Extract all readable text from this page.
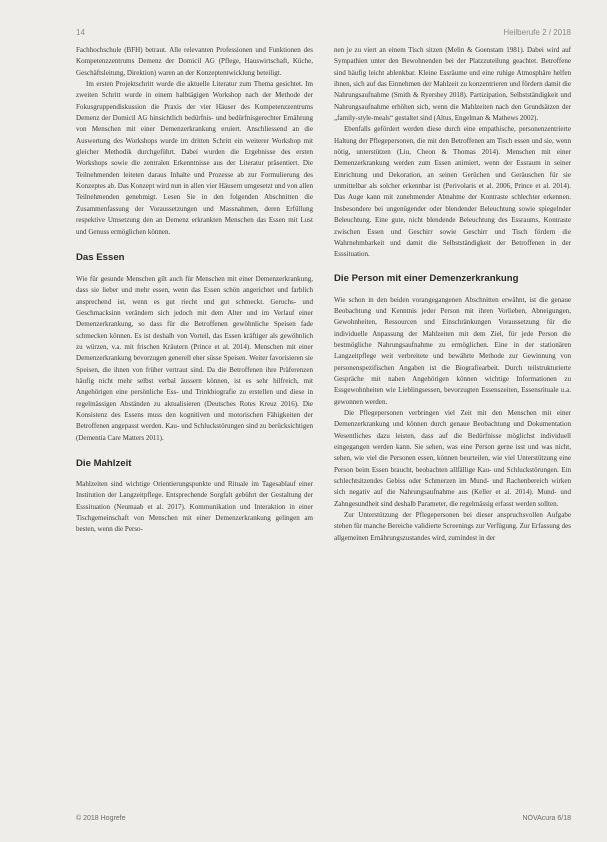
14	Heilberufe 2 / 2018

Fachhochschule (BFH) betraut. Alle relevanten Professionen und Funktionen des Kompetenzzentrums Demenz der Domicil AG (Pflege, Hauswirtschaft, Küche, Geschäftsleitung, Direktion) waren an der Konzeptentwicklung beteiligt.

Im ersten Projektschritt wurde die aktuelle Literatur zum Thema gesichtet. Im zweiten Schritt wurde in einem halbtägigen Workshop nach der Methode der Fokusgruppendiskussion die Praxis der vier Häuser des Kompetenzzentrums Demenz der Domicil AG hinsichtlich bedürfnis- und bedürfnisgerechter Ernährung von Menschen mit einer Demenzerkrankung eruiert. Anschliessend an die Auswertung des Workshops wurde im dritten Schritt ein weiterer Workshop mit gleicher Methodik durchgeführt. Dabei wurden die Ergebnisse des ersten Workshops sowie die zentralen Erkenntnisse aus der Literatur präsentiert. Die Teilnehmenden leiteten daraus Inhalte und Prozesse ab zur Formulierung des Konzeptes ab. Das Konzept wird nun in allen vier Häusern umgesetzt und von allen Teilnehmenden genehmigt. Lesen Sie in den folgenden Abschnitten die Zusammenfassung der Voraussetzungen und Massnahmen, deren Erfüllung respektive Umsetzung den an Demenz erkrankten Menschen das Essen mit Lust und Genuss ermöglichen können.

Das Essen

Wie für gesunde Menschen gilt auch für Menschen mit einer Demenzerkrankung, dass sie lieber und mehr essen, wenn das Essen schön angerichtet und farblich ansprechend ist, wenn es gut riecht und gut schmeckt. Geruchs- und Geschmacksinn verändern sich jedoch mit dem Alter und im Verlauf einer Demenzerkrankung, so dass für die Betroffenen gewöhnliche Speisen fade schmecken können. Es ist deshalb von Vorteil, das Essen kräftiger als gewöhnlich zu würzen, v.a. mit frischen Kräutern (Prince et al. 2014). Menschen mit einer Demenzerkrankung bevorzugen generell eher süsse Speisen. Weiter favorisieren sie Speisen, die ihnen von früher vertraut sind. Da die Betroffenen ihre Präferenzen häufig nicht mehr selbst verbal äussern können, ist es sehr hilfreich, mit Angehörigen eine persönliche Ess- und Trinkbiografie zu erstellen und diese in regelmässigen Abständen zu aktualisieren (Deutsches Rotes Kreuz 2016). Die Konsistenz des Essens muss den kognitiven und motorischen Fähigkeiten der Betroffenen angepasst werden. Kau- und Schluckstörungen sind zu berücksichtigen (Dementia Care Matters 2011).

Die Mahlzeit

Mahlzeiten sind wichtige Orientierungspunkte und Rituale im Tagesablauf einer Institution der Langzeitpflege. Entsprechende Sorgfalt gebührt der Gestaltung der Esssituation (Neumaab et al. 2017). Kommunikation und Interaktion in einer Tischgemeinschaft von Menschen mit einer Demenzerkrankung gelingen am besten, wenn die Perso-

nen je zu viert an einem Tisch sitzen (Melin & Goenstam 1981). Dabei wird auf Sympathien unter den Bewohnenden bei der Platzzuteilung geachtet. Betroffene sind häufig leicht ablenkbar. Kleine Essräume und eine ruhige Atmosphäre helfen ihnen, sich auf das Einnehmen der Mahlzeit zu konzentrieren und fördern damit die Nahrungsaufnahme (Smith & Ryersbey 2018). Partizipation, Selbstständigkeit und Nahrungsaufnahme erhöhen sich, wenn die Mahlzeiten nach den Grundsätzen der „family-style-meals“ gestaltet sind (Altus, Engelman & Mathews 2002).

Ebenfalls gefördert werden diese durch eine empathische, personenzentrierte Haltung der Pflegepersonen, die mit den Betroffenen am Tisch essen und sie, wenn nötig, unterstützen (Liu, Cheon & Thomas 2014). Menschen mit einer Demenzerkrankung werden zum Essen animiert, wenn der Essraum in seiner Einrichtung und Dekoration, an seinen Gerüchen und Geräuschen für sie unmittelbar als solcher erkennbar ist (Perivolaris et al. 2006, Prince et al. 2014). Das Auge kann mit zunehmender Abnahme der Kontraste schlechter erkennen. Insbesondere bei ungenügender oder blendender Beleuchtung sowie spiegelnder Beleuchtung. Eine gute, nicht blendende Beleuchtung des Essraums, Kontraste zwischen Essen und Geschirr sowie Geschirr und Tisch fördern die Wahrnehmbarkeit und damit die Selbstständigkeit der Betroffenen in der Esssituation.

Die Person mit einer Demenzerkrankung

Wie schon in den beiden vorangegangenen Abschnitten erwähnt, ist die genaue Beobachtung und Kenntnis jeder Person mit ihren Vorlieben, Abneigungen, Gewohnheiten, Ressourcen und Einschränkungen Voraussetzung für die individuelle Anpassung der Mahlzeiten mit dem Ziel, für jede Person die bestmögliche Nahrungsaufnahme zu ermöglichen. Eine in der stationären Langzeitpflege weit verbreitete und bewährte Methode zur Gewinnung von personenspezifischen Angaben ist die Biografiearbeit. Durch teilstrukturierte Gespräche mit nahen Angehörigen können wichtige Informationen zu Essgewohnheiten wie Lieblingsessen, bevorzugten Essenszeiten, Essensrituale u.a. gewonnen werden.

Die Pflegepersonen verbringen viel Zeit mit den Menschen mit einer Demenzerkrankung und können durch genaue Beobachtung und Dokumentation Wesentliches dazu leisten, dass auf die Bedürfnisse möglichst individuell eingegangen werden kann. Sie sehen, was eine Person gerne isst und was nicht, sehen, wie viel die Personen essen, können beurteilen, wie viel Unterstützung eine Person beim Essen braucht, beobachten allfällige Kau- und Schluckstörungen. Ein schlechtsitzendes Gebiss oder Schmerzen im Mund- und Rachenbereich wirken sich negativ auf die Nahrungsaufnahme aus (Keller et al. 2014). Mund- und Zahngesundheit sind deshalb Parameter, die regelmässig erfasst werden sollten.

Zur Unterstützung der Pflegepersonen bei dieser anspruchsvollen Aufgabe stehen für manche Bereiche validierte Screenings zur Verfügung. Zur Erfassung des allgemeinen Ernährungszustandes wird, zumindest in der

© 2018 Hogrefe	NOVAcura 6/18
